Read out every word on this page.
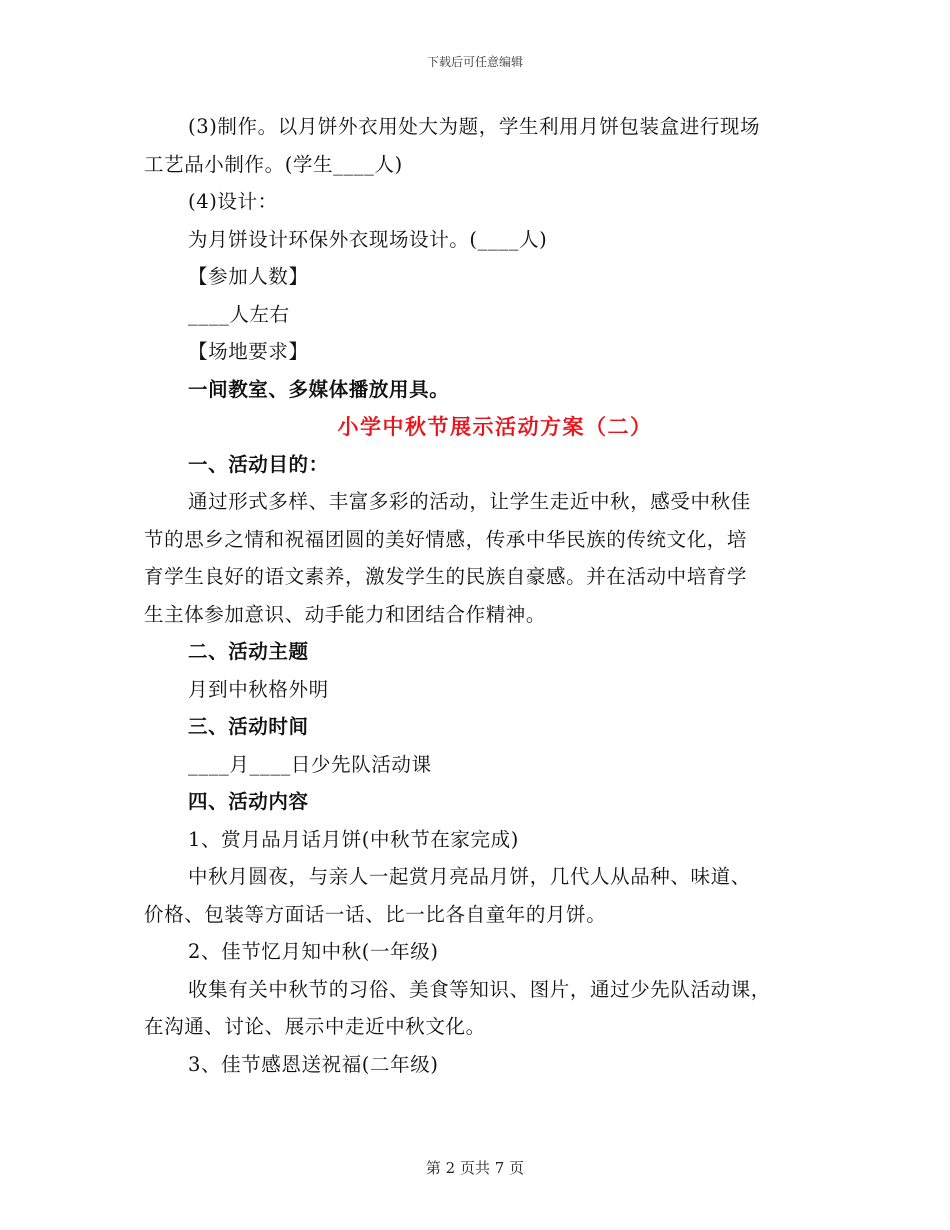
下载后可任意编辑
(3)制作。以月饼外衣用处大为题，学生利用月饼包装盒进行现场
工艺品小制作。(学生____人)
(4)设计：
为月饼设计环保外衣现场设计。(____人)
【参加人数】
____人左右
【场地要求】
一间教室、多媒体播放用具。
小学中秋节展示活动方案（二）
一、活动目的：
通过形式多样、丰富多彩的活动，让学生走近中秋，感受中秋佳
节的思乡之情和祝福团圆的美好情感，传承中华民族的传统文化，培
育学生良好的语文素养，激发学生的民族自豪感。并在活动中培育学
生主体参加意识、动手能力和团结合作精神。
二、活动主题
月到中秋格外明
三、活动时间
____月____日少先队活动课
四、活动内容
1、赏月品月话月饼(中秋节在家完成)
中秋月圆夜，与亲人一起赏月亮品月饼，几代人从品种、味道、
价格、包装等方面话一话、比一比各自童年的月饼。
2、佳节忆月知中秋(一年级)
收集有关中秋节的习俗、美食等知识、图片，通过少先队活动课，
在沟通、讨论、展示中走近中秋文化。
3、佳节感恩送祝福(二年级)
第 2 页共 7 页
